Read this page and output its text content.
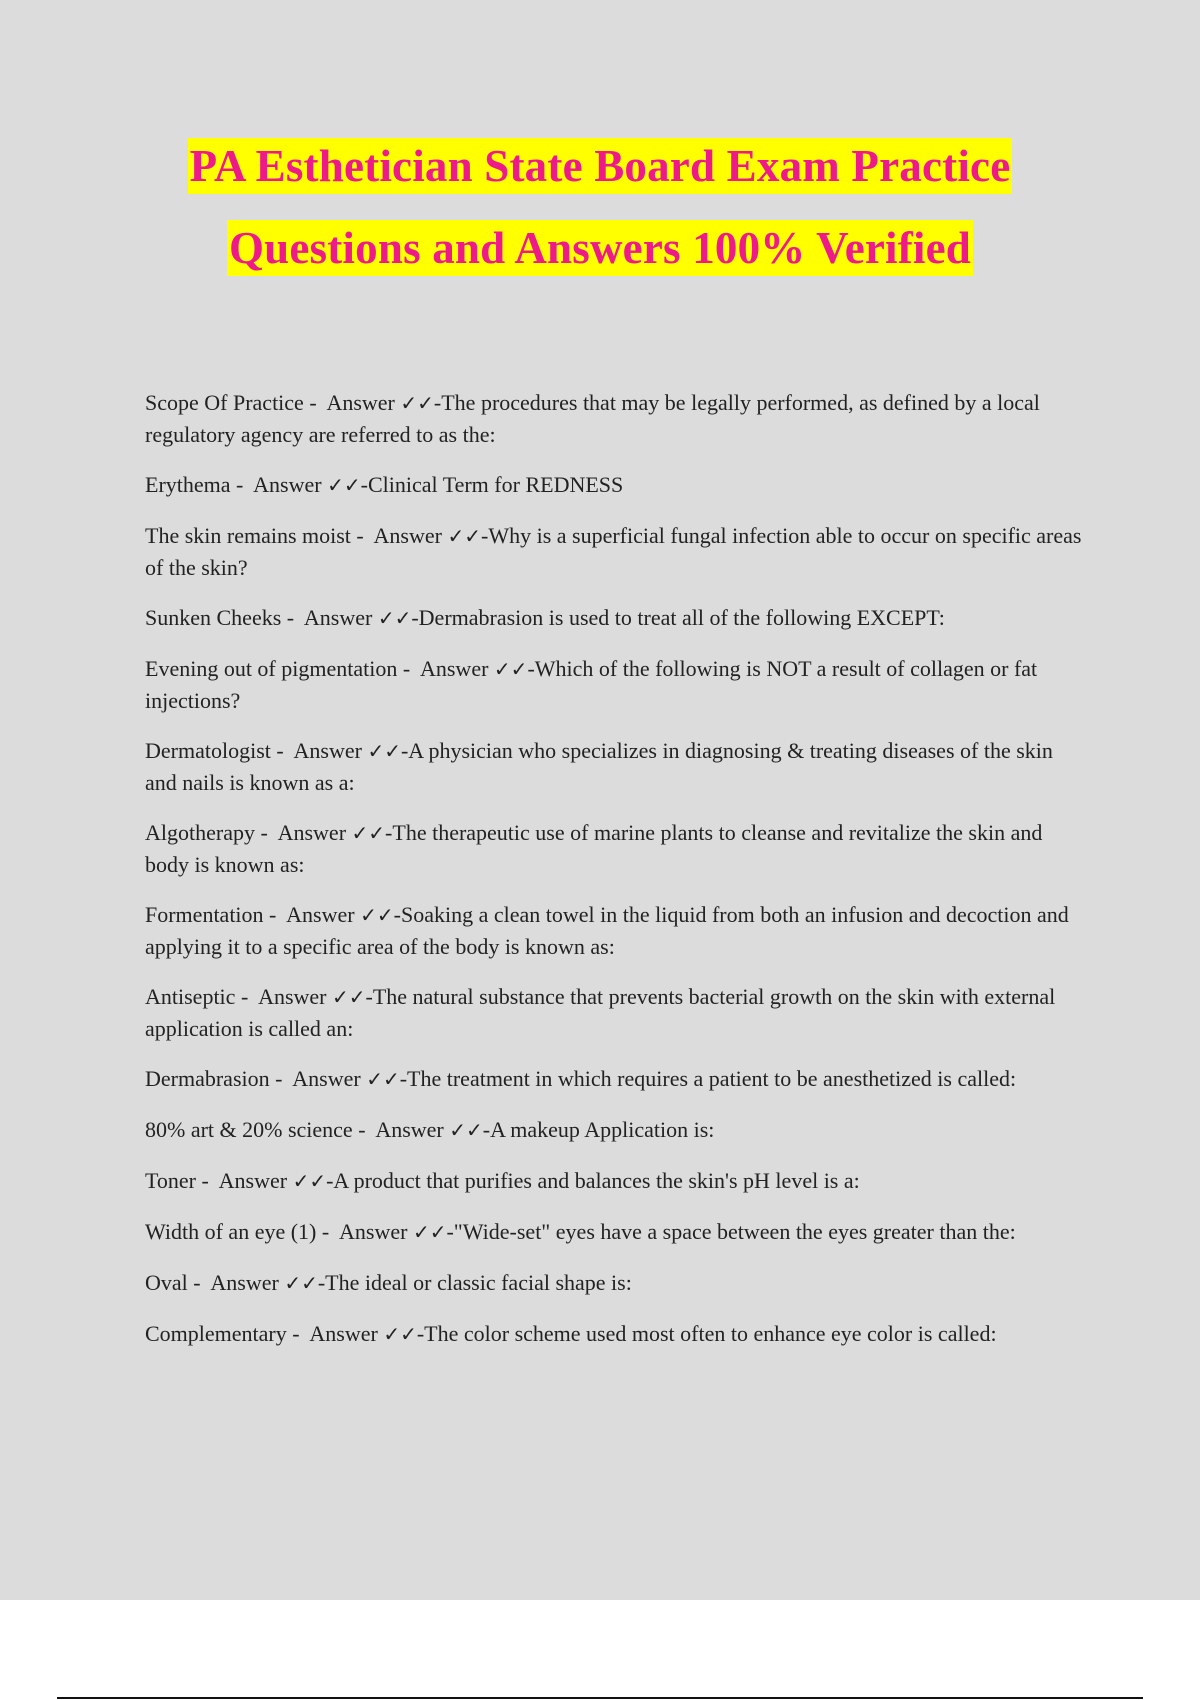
PA Esthetician State Board Exam Practice
Questions and Answers 100% Verified

Scope Of Practice -  Answer ✓✓-The procedures that may be legally performed, as defined by a local regulatory agency are referred to as the:

Erythema -  Answer ✓✓-Clinical Term for REDNESS

The skin remains moist -  Answer ✓✓-Why is a superficial fungal infection able to occur on specific areas of the skin?

Sunken Cheeks -  Answer ✓✓-Dermabrasion is used to treat all of the following EXCEPT:

Evening out of pigmentation -  Answer ✓✓-Which of the following is NOT a result of collagen or fat injections?

Dermatologist -  Answer ✓✓-A physician who specializes in diagnosing & treating diseases of the skin and nails is known as a:

Algotherapy -  Answer ✓✓-The therapeutic use of marine plants to cleanse and revitalize the skin and body is known as:

Formentation -  Answer ✓✓-Soaking a clean towel in the liquid from both an infusion and decoction and applying it to a specific area of the body is known as:

Antiseptic -  Answer ✓✓-The natural substance that prevents bacterial growth on the skin with external application is called an:

Dermabrasion -  Answer ✓✓-The treatment in which requires a patient to be anesthetized is called:

80% art & 20% science -  Answer ✓✓-A makeup Application is:

Toner -  Answer ✓✓-A product that purifies and balances the skin's pH level is a:

Width of an eye (1) -  Answer ✓✓-"Wide-set" eyes have a space between the eyes greater than the:

Oval -  Answer ✓✓-The ideal or classic facial shape is:

Complementary -  Answer ✓✓-The color scheme used most often to enhance eye color is called:
